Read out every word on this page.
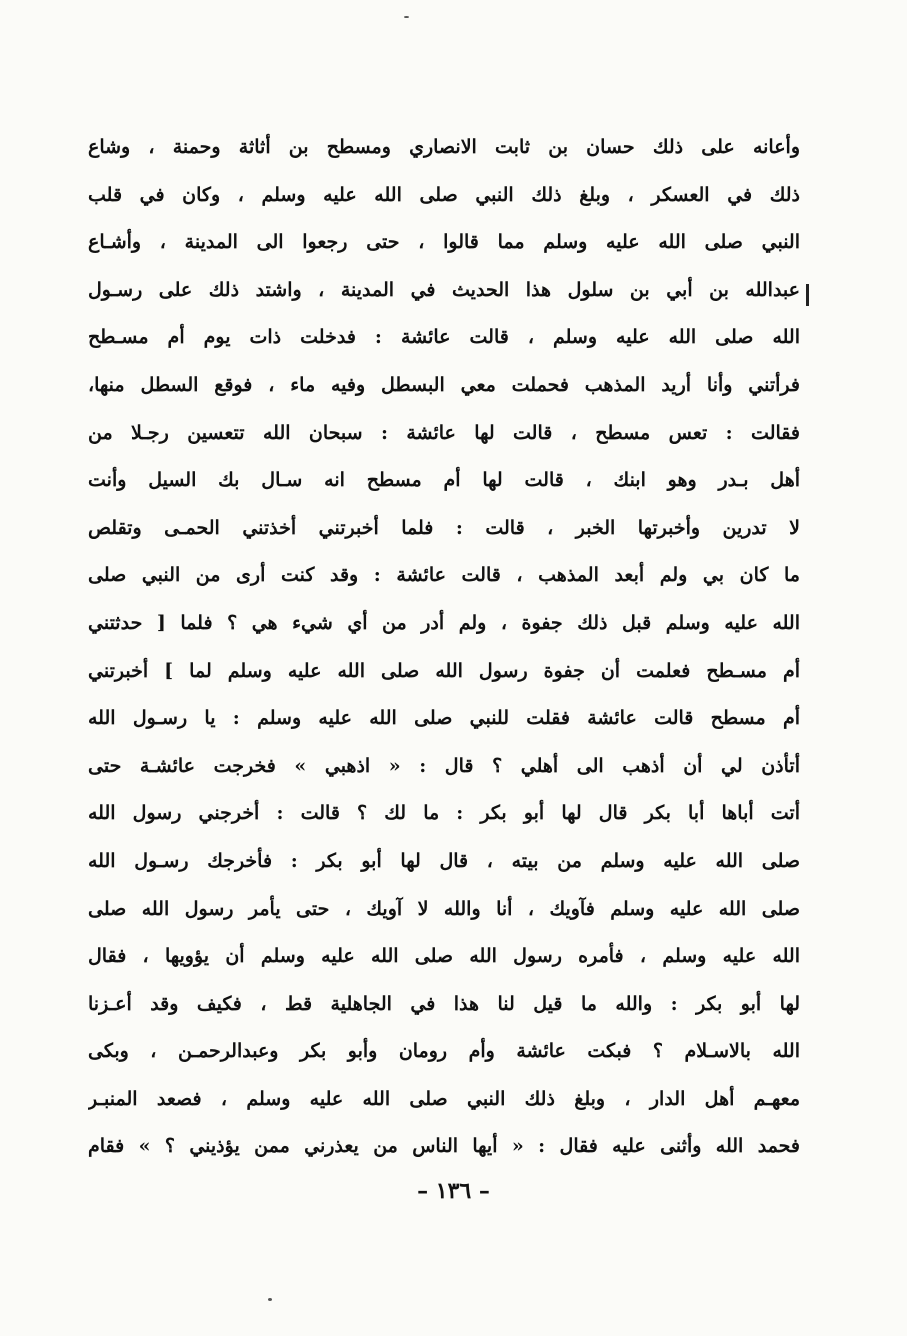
وأعانه على ذلك حسان بن ثابت الانصاري ومسطح بن أثاثة وحمنة ، وشاع
ذلك في العسكر ، وبلغ ذلك النبي صلى الله عليه وسلم ، وكان في قلب
النبي صلى الله عليه وسلم مما قالوا ، حتى رجعوا الى المدينة ، وأشـاع
عبدالله بن أبي بن سلول هذا الحديث في المدينة ، واشتد ذلك على رسـول
الله صلى الله عليه وسلم ، قالت عائشة : فدخلت ذات يوم أم مسـطح
فرأتني وأنا أريد المذهب فحملت معي البسطل وفيه ماء ، فوقع السطل منها،
فقالت : تعس مسطح ، قالت لها عائشة : سبحان الله تتعسين رجـلا من
أهل بـدر وهو ابنك ، قالت لها أم مسطح انه سـال بك السيل وأنت
لا تدرين وأخبرتها الخبر ، قالت : فلما أخبرتني أخذتني الحمـى وتقلص
ما كان بي ولم أبعد المذهب ، قالت عائشة : وقد كنت أرى من النبي صلى
الله عليه وسلم قبل ذلك جفوة ، ولم أدر من أي شيء هي ؟ فلما [ حدثتني
أم مسـطح فعلمت أن جفوة رسول الله صلى الله عليه وسلم لما ] أخبرتني
أم مسطح قالت عائشة فقلت للنبي صلى الله عليه وسلم : يا رسـول الله
أتأذن لي أن أذهب الى أهلي ؟ قال : « اذهبي » فخرجت عائشـة حتى
أتت أباها أبا بكر قال لها أبو بكر : ما لك ؟ قالت : أخرجني رسول الله
صلى الله عليه وسلم من بيته ، قال لها أبو بكر : فأخرجك رسـول الله
صلى الله عليه وسلم فآويك ، أنا والله لا آويك ، حتى يأمر رسول الله صلى
الله عليه وسلم ، فأمره رسول الله صلى الله عليه وسلم أن يؤويها ، فقال
لها أبو بكر : والله ما قيل لنا هذا في الجاهلية قط ، فكيف وقد أعـزنا
الله بالاسـلام ؟ فبكت عائشة وأم رومان وأبو بكر وعبدالرحمـن ، وبكى
معهـم أهل الدار ، وبلغ ذلك النبي صلى الله عليه وسلم ، فصعد المنبـر
فحمد الله وأثنى عليه فقال : « أيها الناس من يعذرني ممن يؤذيني ؟ » فقام
– ١٣٦ –
